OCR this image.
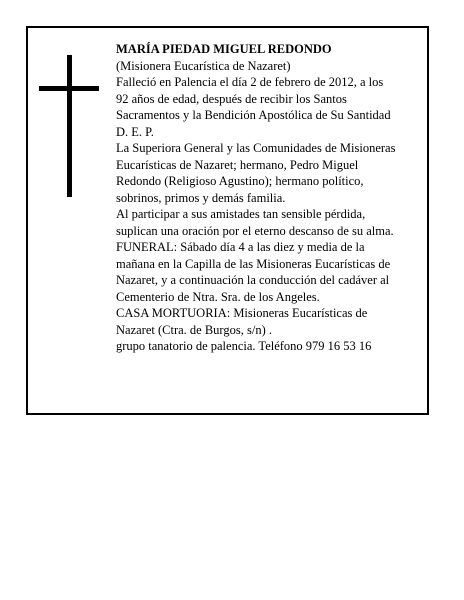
MARÍA PIEDAD MIGUEL REDONDO

(Misionera Eucarística de Nazaret)

Falleció en Palencia el día 2 de febrero de 2012, a los

92 años de edad, después de recibir los Santos

Sacramentos y la Bendición Apostólica de Su Santidad

D. E. P.

La Superiora General y las Comunidades de Misioneras

Eucarísticas de Nazaret; hermano, Pedro Miguel

Redondo (Religioso Agustino); hermano político,

sobrinos, primos y demás familia.

Al participar a sus amistades tan sensible pérdida,

suplican una oración por el eterno descanso de su alma.

FUNERAL: Sábado día 4 a las diez y media de la

mañana en la Capilla de las Misioneras Eucarísticas de

Nazaret, y a continuación la conducción del cadáver al

Cementerio de Ntra. Sra. de los Angeles.

CASA MORTUORIA: Misioneras Eucarísticas de

Nazaret (Ctra. de Burgos, s/n) .

grupo tanatorio de palencia. Teléfono 979 16 53 16
